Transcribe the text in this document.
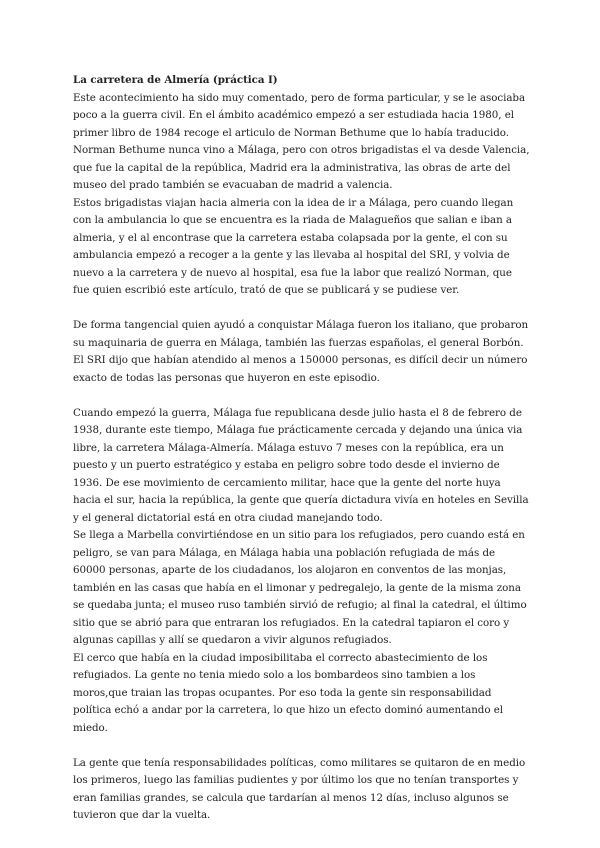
La carretera de Almería (práctica I)

Este acontecimiento ha sido muy comentado, pero de forma particular, y se le asociaba poco a la guerra civil. En el ámbito académico empezó a ser estudiada hacia 1980, el primer libro de 1984 recoge el articulo de Norman Bethume que lo había traducido.

Norman Bethume nunca vino a Málaga, pero con otros brigadistas el va desde Valencia, que fue la capital de la república, Madrid era la administrativa, las obras de arte del museo del prado también se evacuaban de madrid a valencia.

Estos brigadistas viajan hacia almeria con la idea de ir a Málaga, pero cuando llegan con la ambulancia lo que se encuentra es la riada de Malagueños que salian e iban a almeria, y el al encontrase que la carretera estaba colapsada por la gente, el con su ambulancia empezó a recoger a la gente y las llevaba al hospital del SRI, y volvia de nuevo a la carretera y de nuevo al hospital, esa fue la labor que realizó Norman, que fue quien escribió este artículo, trató de que se publicará y se pudiese ver.

De forma tangencial quien ayudó a conquistar Málaga fueron los italiano, que probaron su maquinaria de guerra en Málaga, también las fuerzas españolas, el general Borbón. El SRI dijo que habían atendido al menos a 150000 personas, es difícil decir un número exacto de todas las personas que huyeron en este episodio.

Cuando empezó la guerra, Málaga fue republicana desde julio hasta el 8 de febrero de 1938, durante este tiempo, Málaga fue prácticamente cercada y dejando una única via libre, la carretera Málaga-Almería. Málaga estuvo 7 meses con la república, era un puesto y un puerto estratégico y estaba en peligro sobre todo desde el invierno de 1936. De ese movimiento de cercamiento militar, hace que la gente del norte huya hacia el sur, hacia la república, la gente que quería dictadura vivía en hoteles en Sevilla y el general dictatorial está en otra ciudad manejando todo.

Se llega a Marbella convirtiéndose en un sitio para los refugiados, pero cuando está en peligro, se van para Málaga, en Málaga habia una población refugiada de más de 60000 personas, aparte de los ciudadanos, los alojaron en conventos de las monjas, también en las casas que había en el limonar y pedregalejo, la gente de la misma zona se quedaba junta; el museo ruso también sirvió de refugio; al final la catedral, el último sitio que se abrió para que entraran los refugiados. En la catedral tapiaron el coro y algunas capillas y allí se quedaron a vivir algunos refugiados.

El cerco que había en la ciudad imposibilitaba el correcto abastecimiento de los refugiados. La gente no tenia miedo solo a los bombardeos sino tambien a los moros,que traian las tropas ocupantes. Por eso toda la gente sin responsabilidad política echó a andar por la carretera, lo que hizo un efecto dominó aumentando el miedo.

La gente que tenía responsabilidades políticas, como militares se quitaron de en medio los primeros, luego las familias pudientes y por último los que no tenían transportes y eran familias grandes, se calcula que tardarían al menos 12 días, incluso algunos se tuvieron que dar la vuelta.
